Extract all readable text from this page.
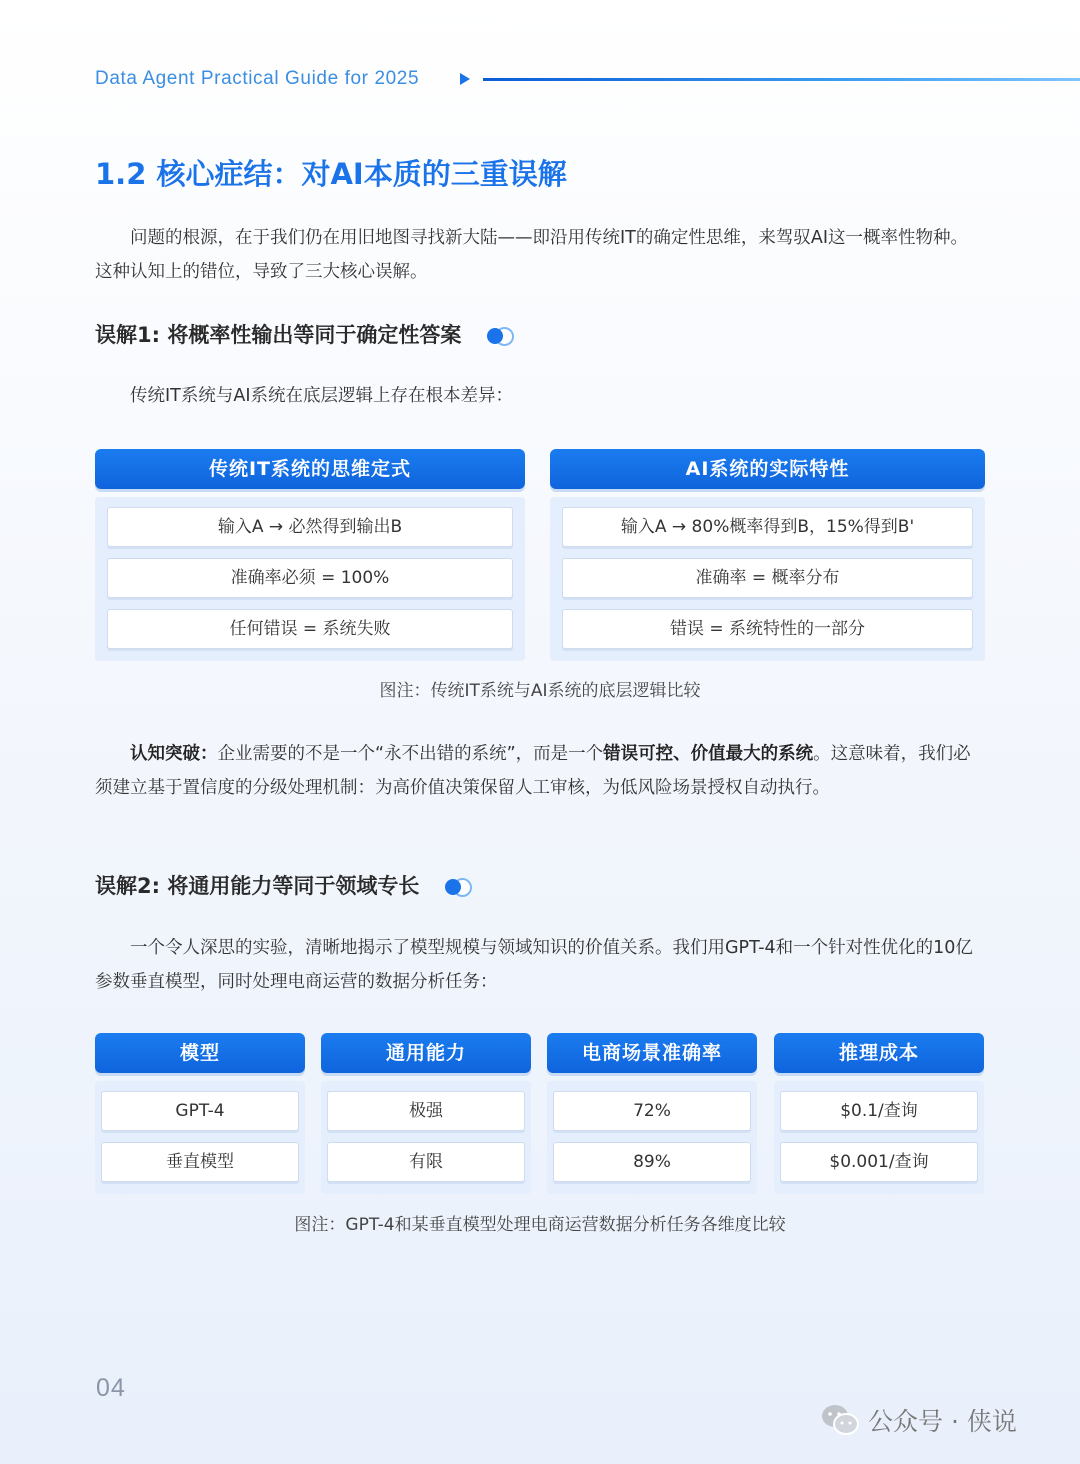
Data Agent Practical Guide for 2025
1.2 核心症结：对AI本质的三重误解

问题的根源，在于我们仍在用旧地图寻找新大陆——即沿用传统IT的确定性思维，来驾驭AI这一概率性物种。这种认知上的错位，导致了三大核心误解。

误解1: 将概率性输出等同于确定性答案

传统IT系统与AI系统在底层逻辑上存在根本差异：

传统IT系统的思维定式
输入A → 必然得到输出B
准确率必须 = 100%
任何错误 = 系统失败
AI系统的实际特性
输入A → 80%概率得到B，15%得到B'
准确率 = 概率分布
错误 = 系统特性的一部分
图注：传统IT系统与AI系统的底层逻辑比较

认知突破：企业需要的不是一个“永不出错的系统”，而是一个错误可控、价值最大的系统。这意味着，我们必须建立基于置信度的分级处理机制：为高价值决策保留人工审核，为低风险场景授权自动执行。

误解2: 将通用能力等同于领域专长

一个令人深思的实验，清晰地揭示了模型规模与领域知识的价值关系。我们用GPT-4和一个针对性优化的10亿参数垂直模型，同时处理电商运营的数据分析任务：

模型
GPT-4
垂直模型
通用能力
极强
有限
电商场景准确率
72%
89%
推理成本
$0.1/查询
$0.001/查询
图注：GPT-4和某垂直模型处理电商运营数据分析任务各维度比较
04
公众号 · 侠说
